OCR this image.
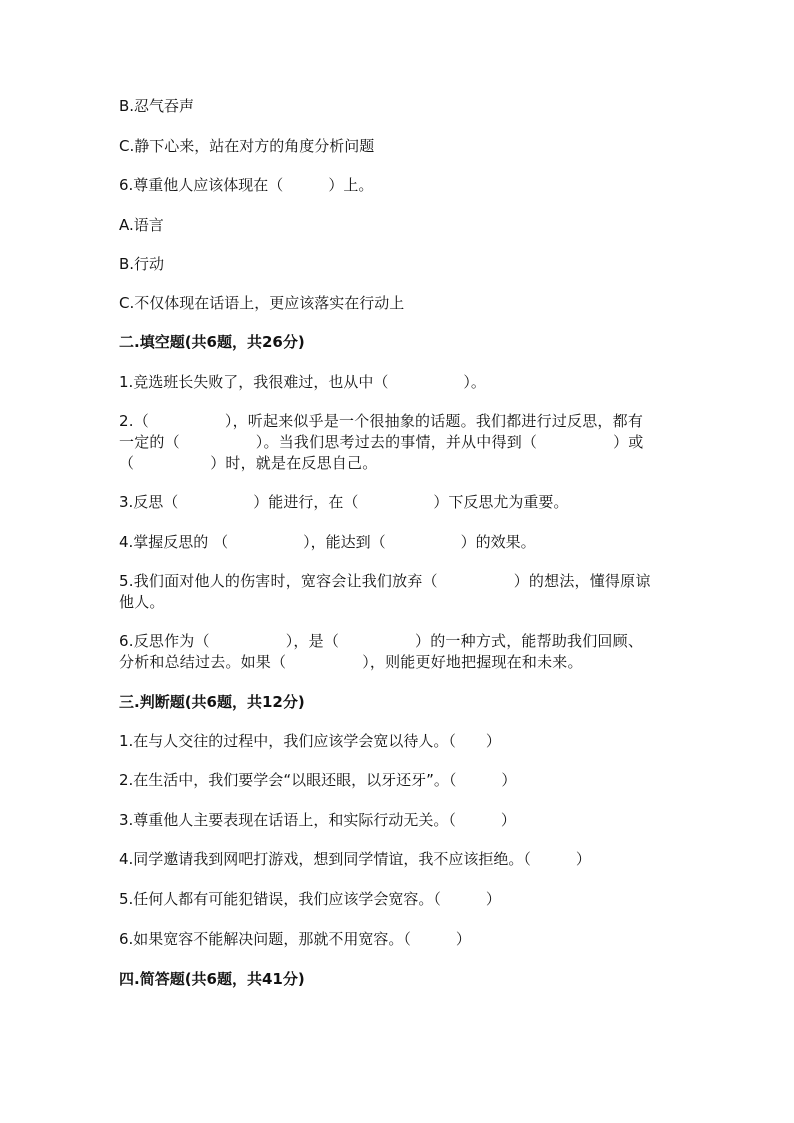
B.忍气吞声
C.静下心来，站在对方的角度分析问题
6.尊重他人应该体现在（　　　）上。
A.语言
B.行动
C.不仅体现在话语上，更应该落实在行动上
二.填空题(共6题，共26分)
1.竞选班长失败了，我很难过，也从中（　　　　　）。
2.（　　　　　），听起来似乎是一个很抽象的话题。我们都进行过反思，都有
一定的（　　　　　）。当我们思考过去的事情，并从中得到（　　　　　）或
（　　　　　）时，就是在反思自己。
3.反思（　　　　　）能进行，在（　　　　　）下反思尤为重要。
4.掌握反思的 （　　　　　），能达到（　　　　　）的效果。
5.我们面对他人的伤害时，宽容会让我们放弃（　　　　　）的想法，懂得原谅
他人。
6.反思作为（　　　　　），是（　　　　　）的一种方式，能帮助我们回顾、
分析和总结过去。如果（　　　　　），则能更好地把握现在和未来。
三.判断题(共6题，共12分)
1.在与人交往的过程中，我们应该学会宽以待人。（　　）
2.在生活中，我们要学会“以眼还眼，以牙还牙”。（　　　）
3.尊重他人主要表现在话语上，和实际行动无关。（　　　）
4.同学邀请我到网吧打游戏，想到同学情谊，我不应该拒绝。（　　　）
5.任何人都有可能犯错误，我们应该学会宽容。（　　　）
6.如果宽容不能解决问题，那就不用宽容。（　　　）
四.简答题(共6题，共41分)
